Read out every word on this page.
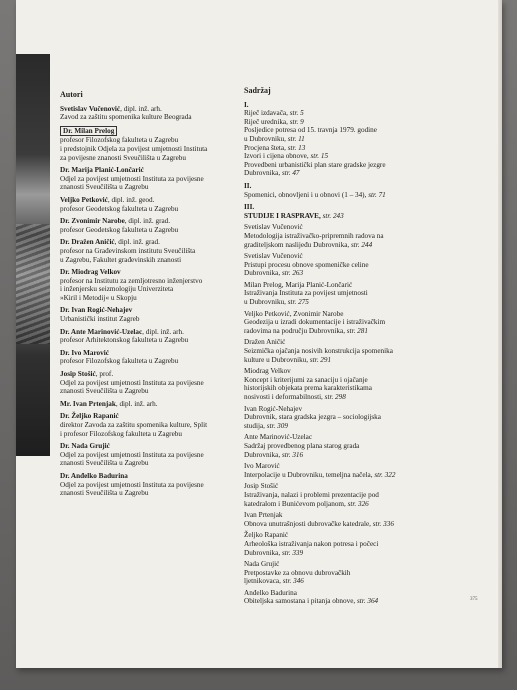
Autori
Svetislav Vučenović, dipl. inž. arh.
Zavod za zaštitu spomenika kulture Beograda
Dr. Milan Prelog
profesor Filozofskog fakulteta u Zagrebu
i predstojnik Odjela za povijest umjetnosti Instituta
za povijesne znanosti Sveučilišta u Zagrebu
Dr. Marija Planić-Lončarić
Odjel za povijest umjetnosti Instituta za povijesne
znanosti Sveučilišta u Zagrebu
Veljko Petković, dipl. inž. geod.
profesor Geodetskog fakulteta u Zagrebu
Dr. Zvonimir Narobe, dipl. inž. grad.
profesor Geodetskog fakulteta u Zagrebu
Dr. Dražen Aničić, dipl. inž. grad.
profesor na Građevinskom institutu Sveučilišta
u Zagrebu, Fakultet građevinskih znanosti
Dr. Miodrag Velkov
profesor na Institutu za zemljotresno inženjerstvo
i inženjersku seizmologiju Univerziteta
»Kiril i Metodij« u Skopju
Dr. Ivan Rogić-Nehajev
Urbanistički institut Zagreb
Dr. Ante Marinović-Uzelac, dipl. inž. arh.
profesor Arhitektonskog fakulteta u Zagrebu
Dr. Ivo Marović
profesor Filozofskog fakulteta u Zagrebu
Josip Stošić, prof.
Odjel za povijest umjetnosti Instituta za povijesne
znanosti Sveučilišta u Zagrebu
Mr. Ivan Prtenjak, dipl. inž. arh.
Dr. Željko Rapanić
direktor Zavoda za zaštitu spomenika kulture, Split
i profesor Filozofskog fakulteta u Zagrebu
Dr. Nada Grujić
Odjel za povijest umjetnosti Instituta za povijesne
znanosti Sveučilišta u Zagrebu
Dr. Anđelko Badurina
Odjel za povijest umjetnosti Instituta za povijesne
znanosti Sveučilišta u Zagrebu
Sadržaj
I.
Riječ izdavača, str. 5
Riječ urednika, str. 9
Posljedice potresa od 15. travnja 1979. godine
u Dubrovniku, str. 11
Procjena šteta, str. 13
Izvori i cijena obnove, str. 15
Provedbeni urbanistički plan stare gradske jezgre
Dubrovnika, str. 47
II.
Spomenici, obnovljeni i u obnovi (1 – 34), str. 71
III.
STUDIJE I RASPRAVE, str. 243
Svetislav Vučenović
Metodologija istraživačko-pripremnih radova na
graditeljskom naslijeđu Dubrovnika, str. 244
Svetislav Vučenović
Pristupi procesu obnove spomeničke celine
Dubrovnika, str. 263
Milan Prelog, Marija Planić-Lončarić
Istraživanja Instituta za povijest umjetnosti
u Dubrovniku, str. 275
Veljko Petković, Zvonimir Narobe
Geodezija u izradi dokumentacije i istraživačkim
radovima na području Dubrovnika, str. 281
Dražen Aničić
Seizmička ojačanja nosivih konstrukcija spomenika
kulture u Dubrovniku, str. 291
Miodrag Velkov
Koncept i kriterijumi za sanaciju i ojačanje
historijskih objekata prema karakteristikama
nosivosti i deformabilnosti, str. 298
Ivan Rogić-Nehajev
Dubrovnik, stara gradska jezgra – sociologijska
studija, str. 309
Ante Marinović-Uzelac
Sadržaj provedbenog plana starog grada
Dubrovnika, str. 316
Ivo Marović
Interpolacije u Dubrovniku, temeljna načela, str. 322
Josip Stošić
Istraživanja, nalazi i problemi prezentacije pod
katedralom i Bunićevom poljanom, str. 326
Ivan Prtenjak
Obnova unutrašnjosti dubrovačke katedrale, str. 336
Željko Rapanić
Arheološka istraživanja nakon potresa i počeci
Dubrovnika, str. 339
Nada Grujić
Pretpostavke za obnovu dubrovačkih
ljetnikovaca, str. 346
Anđelko Badurina
Obiteljska samostana i pitanja obnove, str. 364	375
